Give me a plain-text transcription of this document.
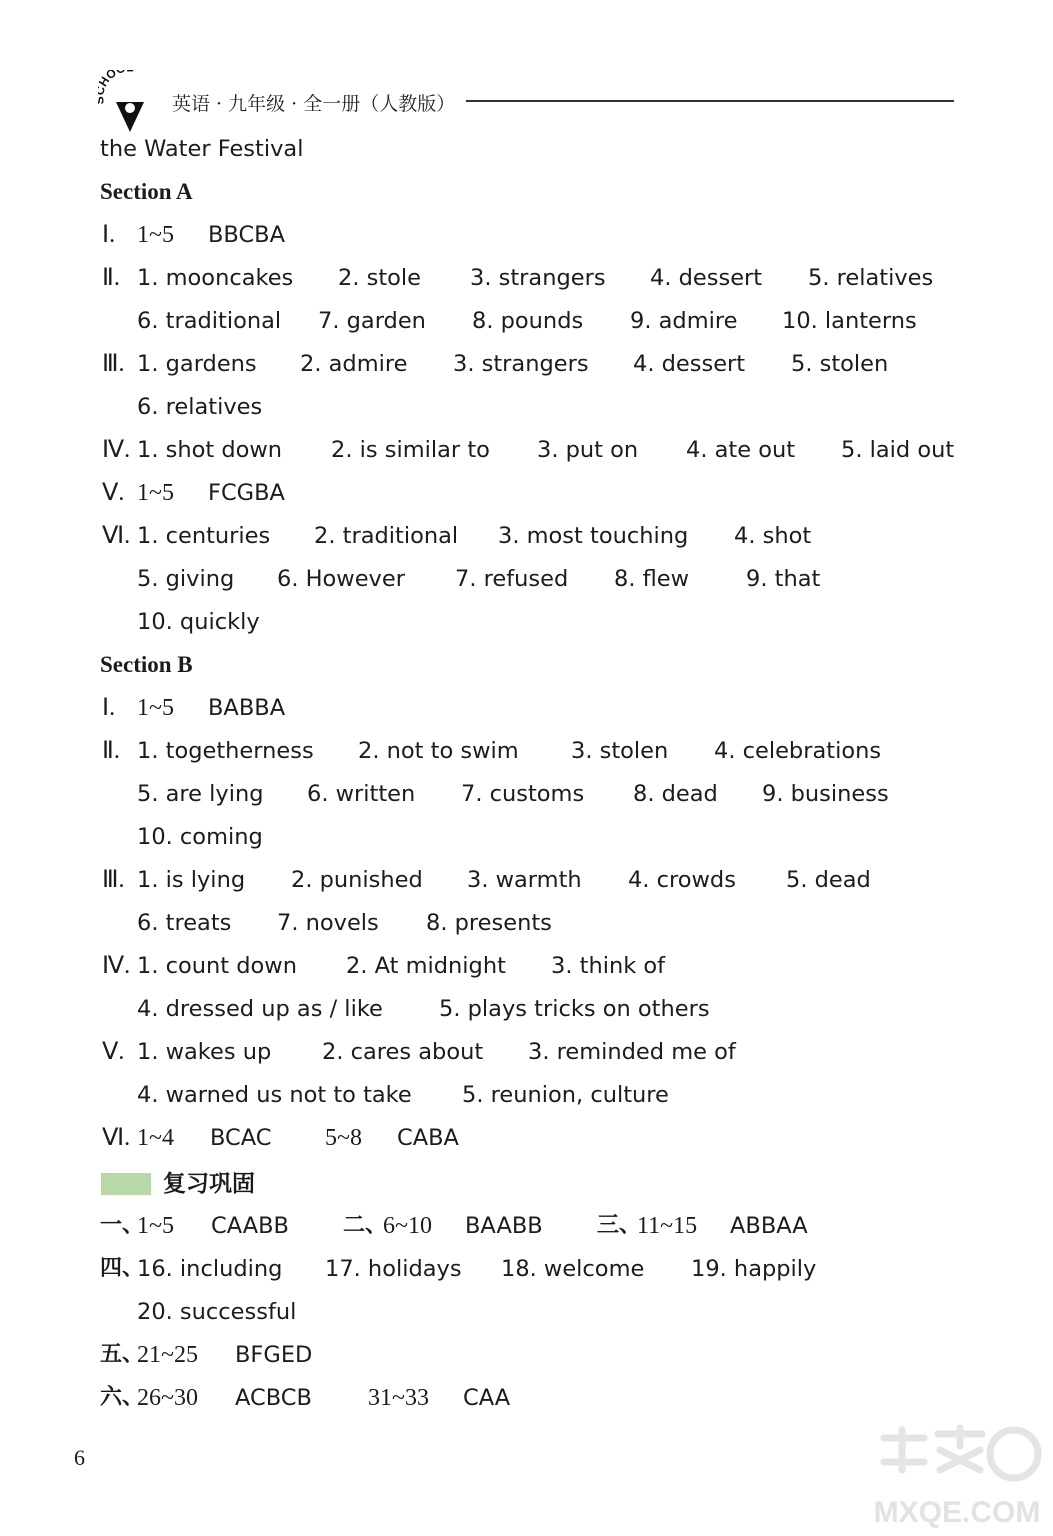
O
英语 · 九年级 · 全一册（人教版）
the Water Festival
Section A
Ⅰ. 1~5 BBCBA
Ⅱ. 1. mooncakes 2. stole 3. strangers 4. dessert 5. relatives
6. traditional 7. garden 8. pounds 9. admire 10. lanterns
Ⅲ. 1. gardens 2. admire 3. strangers 4. dessert 5. stolen
6. relatives
Ⅳ. 1. shot down 2. is similar to 3. put on 4. ate out 5. laid out
Ⅴ. 1~5 FCGBA
Ⅵ. 1. centuries 2. traditional 3. most touching 4. shot
5. giving 6. However 7. refused 8. flew	9. that
10. quickly
Section B
Ⅰ. 1~5 BABBA
Ⅱ. 1. togetherness 2. not to swim 3. stolen 4. celebrations
5. are lying 6. written 7. customs 8. dead 9. business
10. coming
Ⅲ. 1. is lying 2. punished 3. warmth 4. crowds 5. dead
6. treats 7. novels 8. presents
Ⅳ. 1. count down 2. At midnight 3. think of
4. dressed up as / like 5. plays tricks on others
Ⅴ. 1. wakes up 2. cares about 3. reminded me of
4. warned us not to take 5. reunion, culture
Ⅵ. 1~4 BCAC 5~8 CABA
一、
1~5 CAABB 二、
6~10 BAABB 三、
11~15 ABBAA
四、
16. including 17. holidays 18. welcome 19. happily
20. successful
五、
21~25 BFGED
六、
26~30 ACBCB 31~33 CAA
复习巩固
6
MXQE.COM
